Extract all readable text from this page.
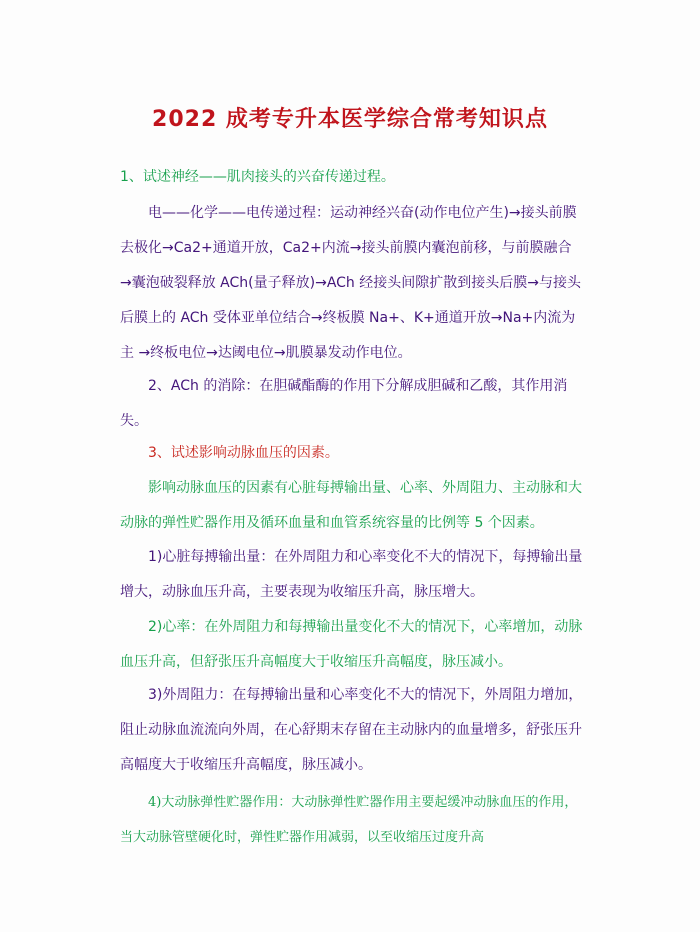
2022 成考专升本医学综合常考知识点

1、试述神经——肌肉接头的兴奋传递过程。

电——化学——电传递过程：运动神经兴奋(动作电位产生)→接头前膜去极化→Ca2+通道开放，Ca2+内流→接头前膜内囊泡前移，与前膜融合 →囊泡破裂释放 ACh(量子释放)→ACh 经接头间隙扩散到接头后膜→与接头后膜上的 ACh 受体亚单位结合→终板膜 Na+、K+通道开放→Na+内流为主 →终板电位→达阈电位→肌膜暴发动作电位。

2、ACh 的消除：在胆碱酯酶的作用下分解成胆碱和乙酸，其作用消失。

3、试述影响动脉血压的因素。

影响动脉血压的因素有心脏每搏输出量、心率、外周阻力、主动脉和大动脉的弹性贮器作用及循环血量和血管系统容量的比例等 5 个因素。

1)心脏每搏输出量：在外周阻力和心率变化不大的情况下，每搏输出量增大，动脉血压升高，主要表现为收缩压升高，脉压增大。

2)心率：在外周阻力和每搏输出量变化不大的情况下，心率增加，动脉血压升高，但舒张压升高幅度大于收缩压升高幅度，脉压减小。

3)外周阻力：在每搏输出量和心率变化不大的情况下，外周阻力增加，阻止动脉血流流向外周，在心舒期末存留在主动脉内的血量增多，舒张压升高幅度大于收缩压升高幅度，脉压减小。

4)大动脉弹性贮器作用：大动脉弹性贮器作用主要起缓冲动脉血压的作用，当大动脉管壁硬化时，弹性贮器作用减弱，以至收缩压过度升高
